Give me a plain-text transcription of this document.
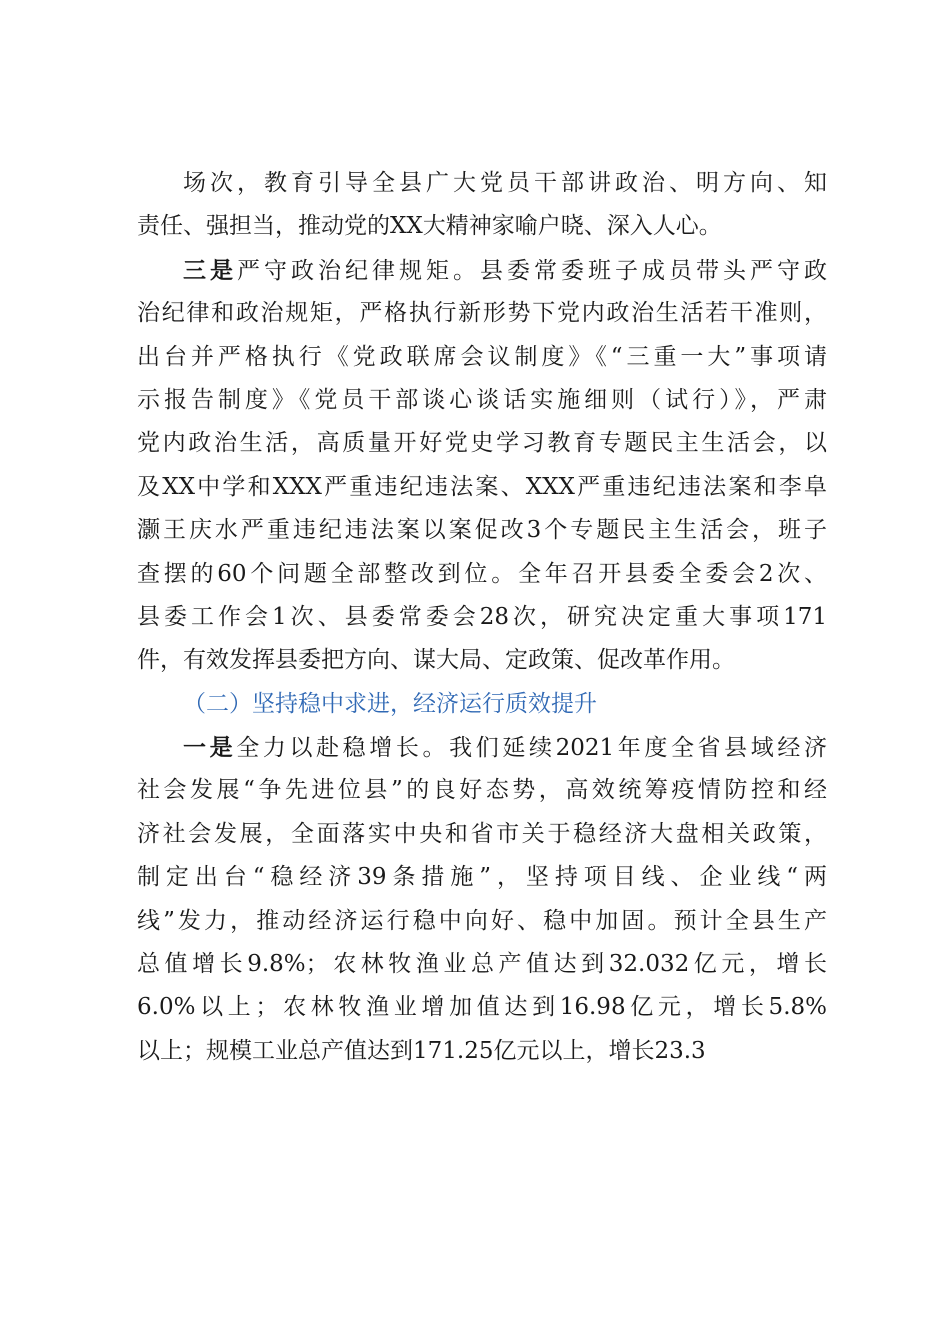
场次，教育引导全县广大党员干部讲政治、明方向、知
责任、强担当，推动党的XX大精神家喻户晓、深入人心。
三是严守政治纪律规矩。县委常委班子成员带头严守政
治纪律和政治规矩，严格执行新形势下党内政治生活若干准则，
出台并严格执行《党政联席会议制度》《“三重一大”事项请
示报告制度》《党员干部谈心谈话实施细则（试行）》，严肃
党内政治生活，高质量开好党史学习教育专题民主生活会，以
及XX中学和XXX严重违纪违法案、XXX严重违纪违法案和李阜
灏王庆水严重违纪违法案以案促改3个专题民主生活会，班子
查摆的60个问题全部整改到位。全年召开县委全委会2次、
县委工作会1次、县委常委会28次，研究决定重大事项171
件，有效发挥县委把方向、谋大局、定政策、促改革作用。
（二）坚持稳中求进，经济运行质效提升
一是全力以赴稳增长。我们延续2021年度全省县域经济
社会发展“争先进位县”的良好态势，高效统筹疫情防控和经
济社会发展，全面落实中央和省市关于稳经济大盘相关政策，
制定出台“稳经济39条措施”，坚持项目线、企业线“两
线”发力，推动经济运行稳中向好、稳中加固。预计全县生产
总值增长9.8%；农林牧渔业总产值达到32.032亿元，增长
6.0%以上；农林牧渔业增加值达到16.98亿元，增长5.8%
以上；规模工业总产值达到171.25亿元以上，增长23.3
